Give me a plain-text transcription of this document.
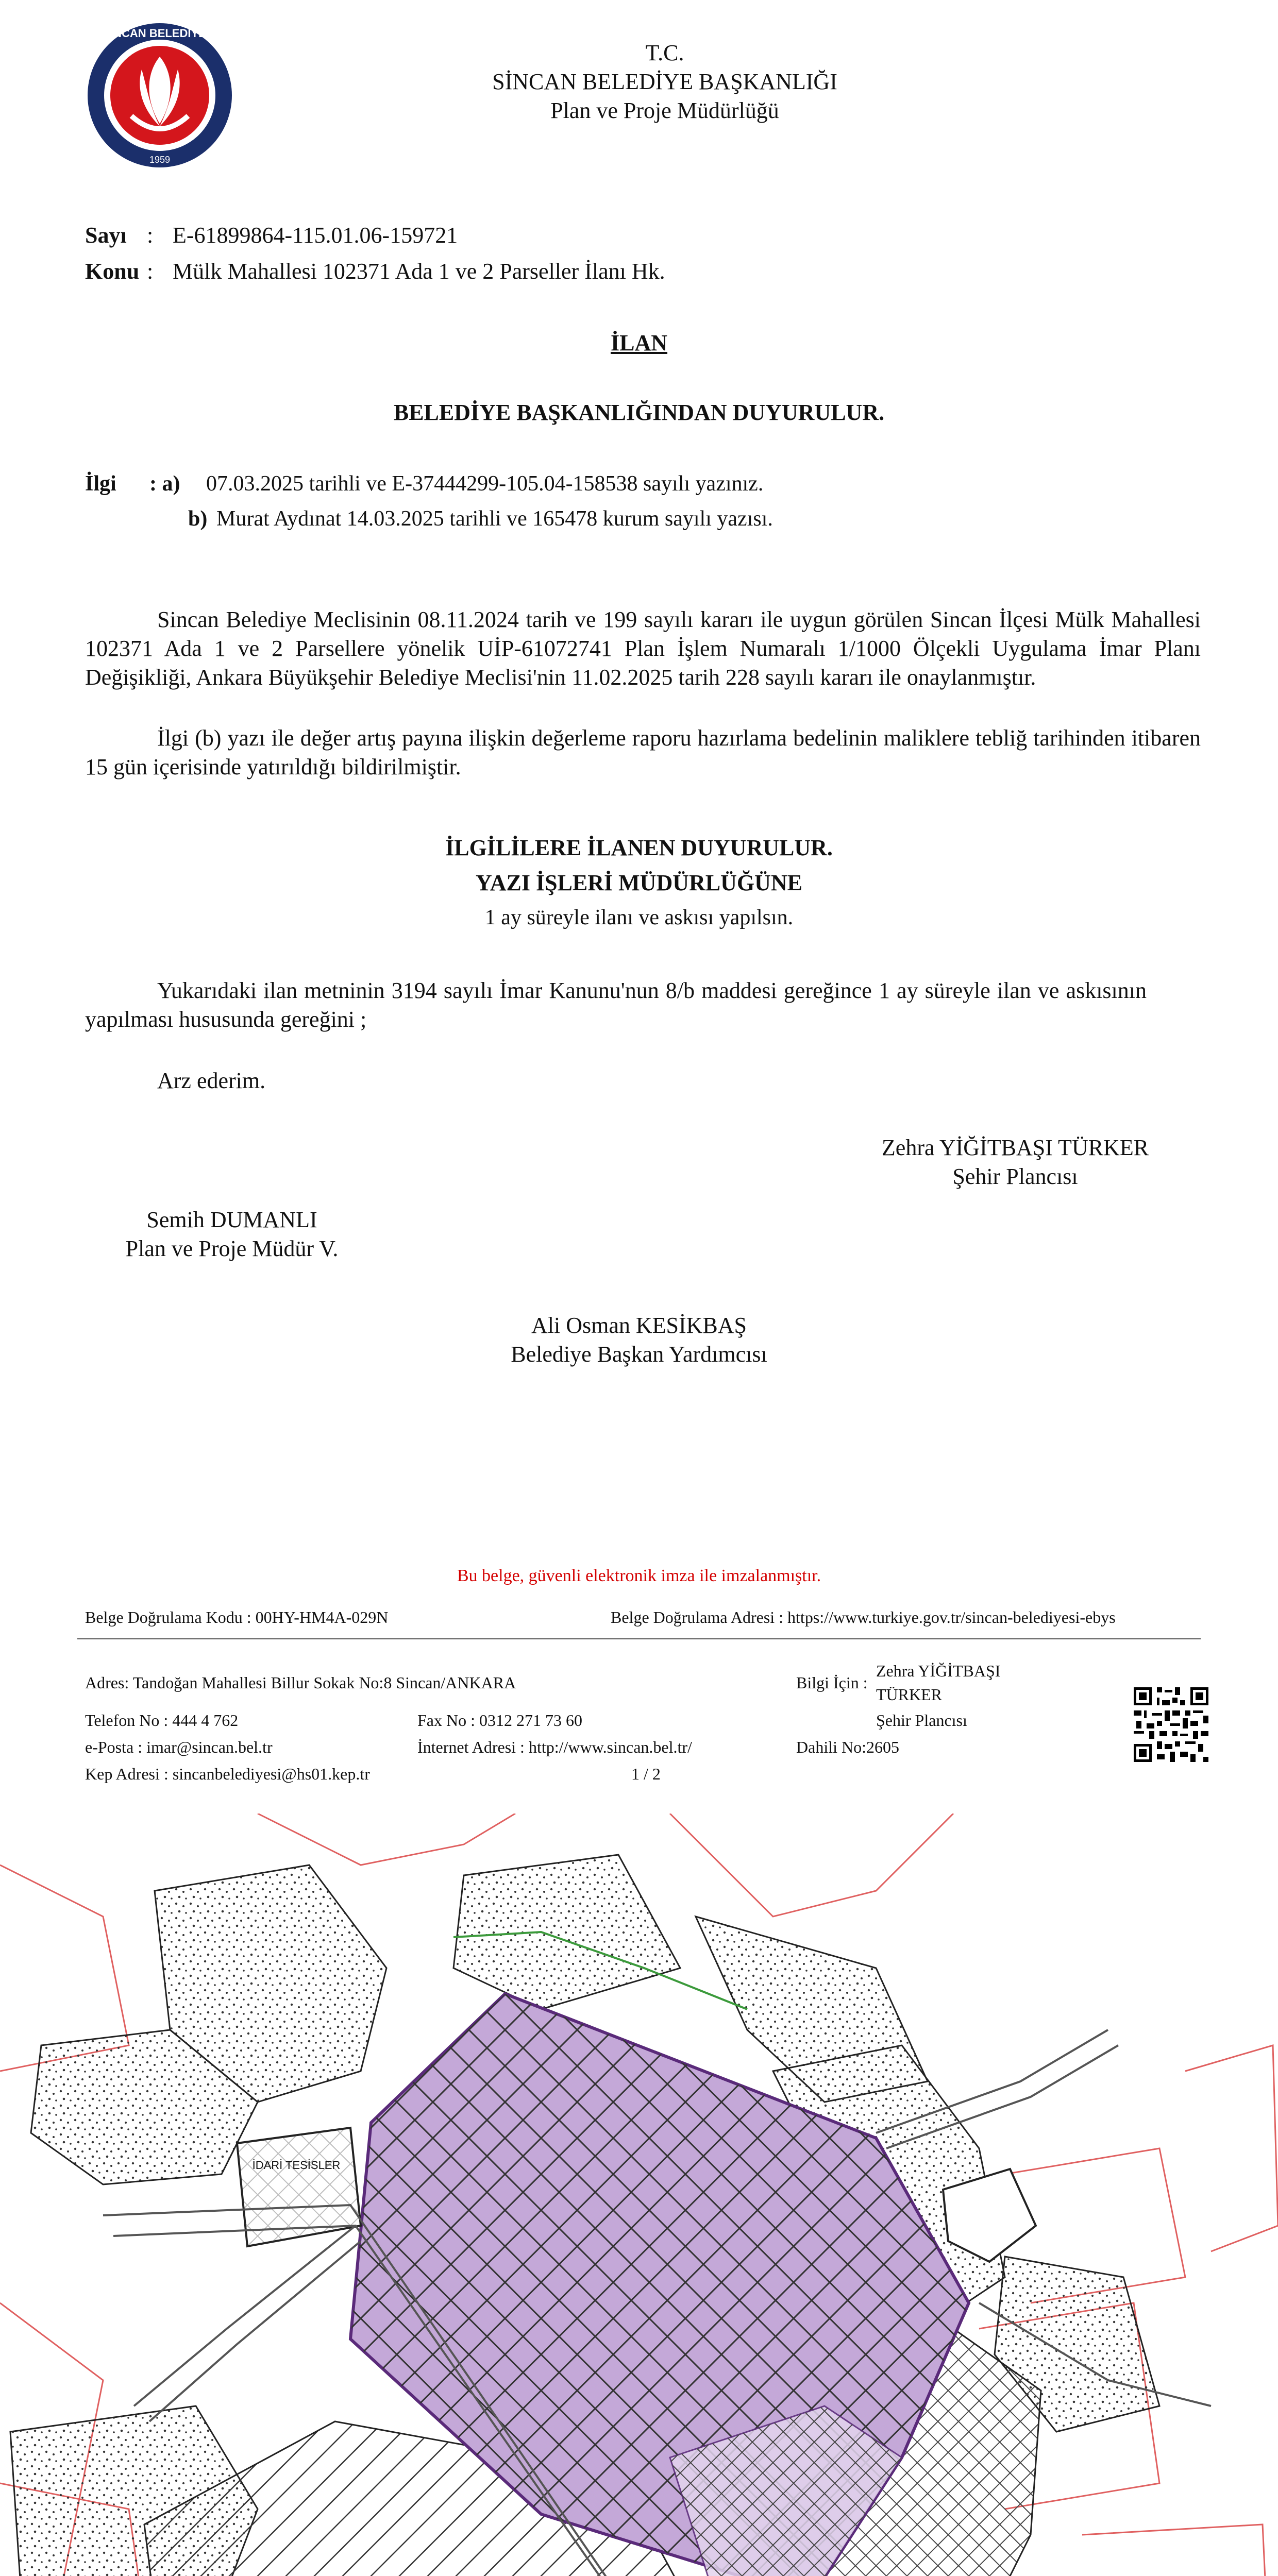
SİNCAN BELEDİYESİ
1959
T.C.
SİNCAN BELEDİYE BAŞKANLIĞI
Plan ve Proje Müdürlüğü
Sayı : E-61899864-115.01.06-159721
Konu : Mülk Mahallesi 102371 Ada 1 ve 2 Parseller İlanı Hk.
İLAN
BELEDİYE BAŞKANLIĞINDAN DUYURULUR.
İlgi : a) 07.03.2025 tarihli ve E-37444299-105.04-158538 sayılı yazınız.
b) Murat Aydınat 14.03.2025 tarihli ve 165478 kurum sayılı yazısı.
Sincan Belediye Meclisinin 08.11.2024 tarih ve 199 sayılı kararı ile uygun görülen Sincan İlçesi Mülk Mahallesi 102371 Ada 1 ve 2 Parsellere yönelik UİP-61072741 Plan İşlem Numaralı 1/1000 Ölçekli Uygulama İmar Planı Değişikliği, Ankara Büyükşehir Belediye Meclisi'nin 11.02.2025 tarih 228 sayılı kararı ile onaylanmıştır.
İlgi (b) yazı ile değer artış payına ilişkin değerleme raporu hazırlama bedelinin maliklere tebliğ tarihinden itibaren 15 gün içerisinde yatırıldığı bildirilmiştir.
İLGİLİLERE İLANEN DUYURULUR.
YAZI İŞLERİ MÜDÜRLÜĞÜNE
1 ay süreyle ilanı ve askısı yapılsın.
Yukarıdaki ilan metninin 3194 sayılı İmar Kanunu'nun 8/b maddesi gereğince 1 ay süreyle ilan ve askısının yapılması hususunda gereğini ;
Arz ederim.
Zehra YİĞİTBAŞI TÜRKER
Şehir Plancısı
Semih DUMANLI
Plan ve Proje Müdür V.
Ali Osman KESİKBAŞ
Belediye Başkan Yardımcısı
Bu belge, güvenli elektronik imza ile imzalanmıştır.
Belge Doğrulama Kodu : 00HY-HM4A-029N	Belge Doğrulama Adresi : https://www.turkiye.gov.tr/sincan-belediyesi-ebys
Adres: Tandoğan Mahallesi Billur Sokak No:8 Sincan/ANKARA
Telefon No : 444 4 762	Fax No : 0312 271 73 60
e-Posta : imar@sincan.bel.tr	İnternet Adresi : http://www.sincan.bel.tr/
Kep Adresi : sincanbelediyesi@hs01.kep.tr	1 / 2
Bilgi İçin :
Zehra YİĞİTBAŞI
TÜRKER
Şehir Plancısı
Dahili No:2605
İDARİ TESİSLER
